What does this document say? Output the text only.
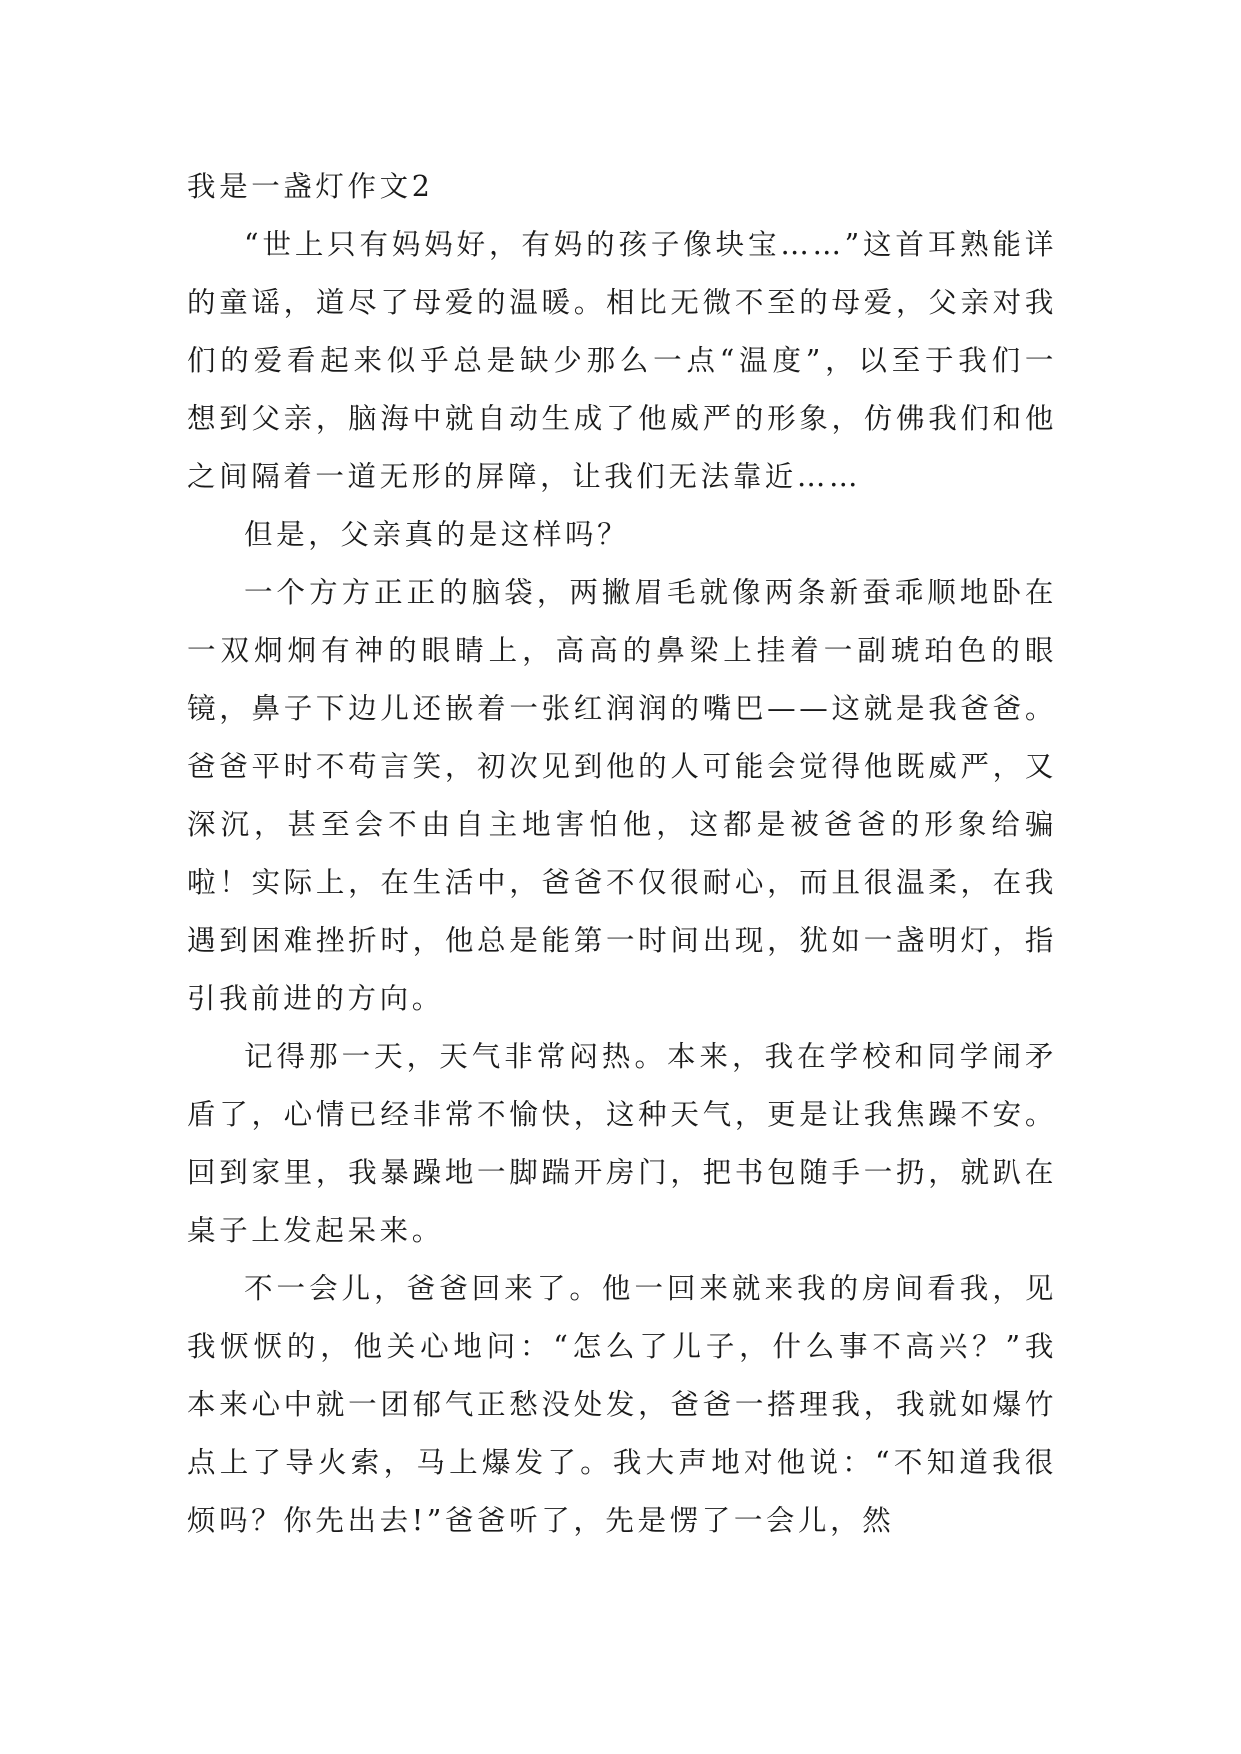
我是一盏灯作文2

“世上只有妈妈好，有妈的孩子像块宝……”这首耳熟能详的童谣，道尽了母爱的温暖。相比无微不至的母爱，父亲对我们的爱看起来似乎总是缺少那么一点“温度”，以至于我们一想到父亲，脑海中就自动生成了他威严的形象，仿佛我们和他之间隔着一道无形的屏障，让我们无法靠近……

但是，父亲真的是这样吗？

一个方方正正的脑袋，两撇眉毛就像两条新蚕乖顺地卧在一双炯炯有神的眼睛上，高高的鼻梁上挂着一副琥珀色的眼镜，鼻子下边儿还嵌着一张红润润的嘴巴——这就是我爸爸。爸爸平时不苟言笑，初次见到他的人可能会觉得他既威严，又深沉，甚至会不由自主地害怕他，这都是被爸爸的形象给骗啦！实际上，在生活中，爸爸不仅很耐心，而且很温柔，在我遇到困难挫折时，他总是能第一时间出现，犹如一盏明灯，指引我前进的方向。

记得那一天，天气非常闷热。本来，我在学校和同学闹矛盾了，心情已经非常不愉快，这种天气，更是让我焦躁不安。回到家里，我暴躁地一脚踹开房门，把书包随手一扔，就趴在桌子上发起呆来。

不一会儿，爸爸回来了。他一回来就来我的房间看我，见我恹恹的，他关心地问：“怎么了儿子，什么事不高兴？”我本来心中就一团郁气正愁没处发，爸爸一搭理我，我就如爆竹点上了导火索，马上爆发了。我大声地对他说：“不知道我很烦吗？你先出去!”爸爸听了，先是愣了一会儿，然
